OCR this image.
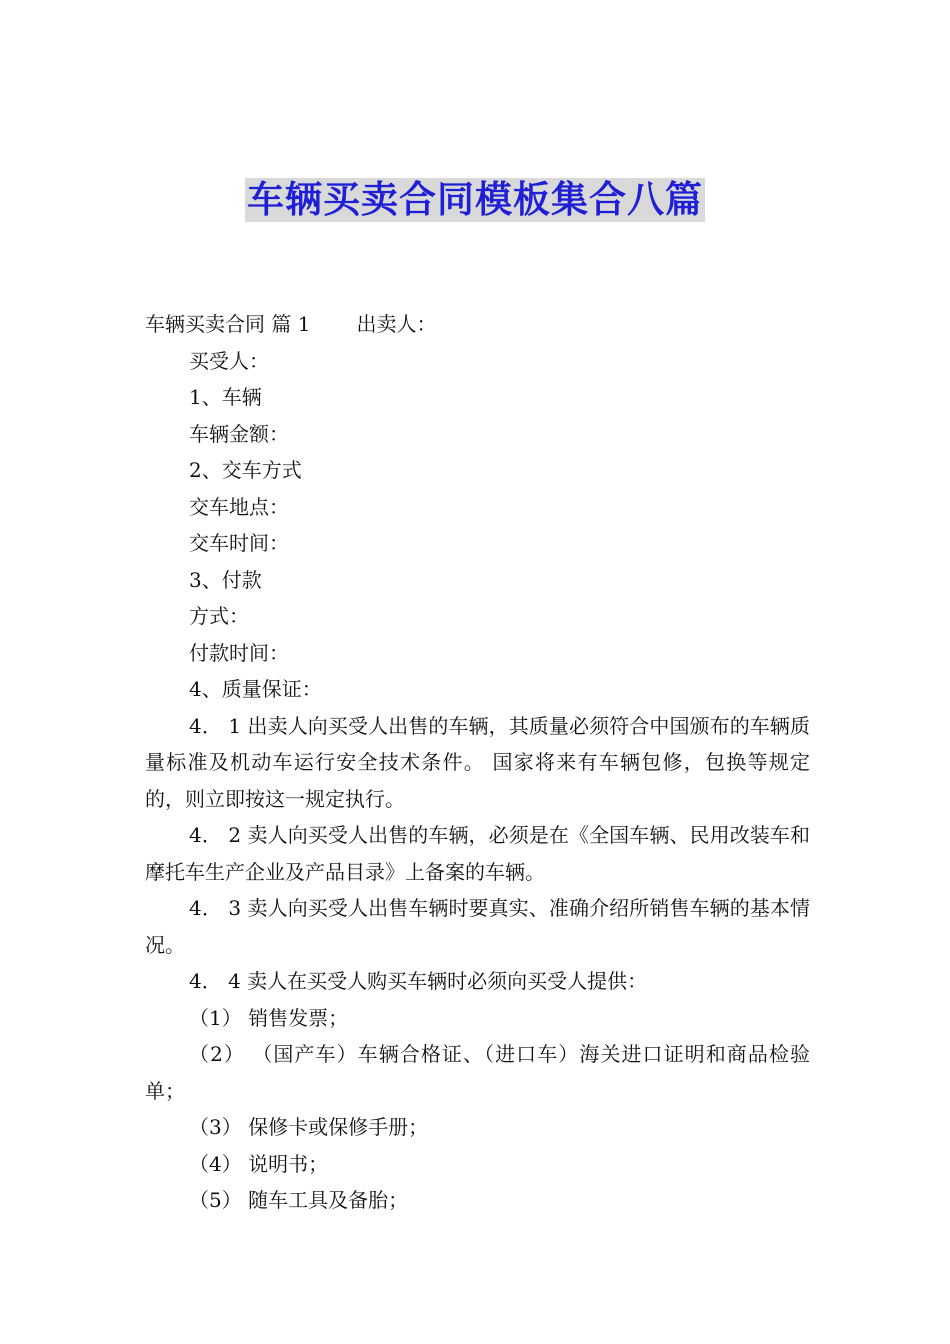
车辆买卖合同模板集合八篇
车辆买卖合同 篇 1 出卖人：
买受人：
1、车辆
车辆金额：
2、交车方式
交车地点：
交车时间：
3、付款
方式：
付款时间：
4、质量保证：
4． 1 出卖人向买受人出售的车辆，其质量必须符合中国颁布的车辆质量标准及机动车运行安全技术条件。 国家将来有车辆包修，包换等规定的，则立即按这一规定执行。
4． 2 卖人向买受人出售的车辆，必须是在《全国车辆、民用改装车和摩托车生产企业及产品目录》上备案的车辆。
4． 3 卖人向买受人出售车辆时要真实、准确介绍所销售车辆的基本情况。
4． 4 卖人在买受人购买车辆时必须向买受人提供：
（1） 销售发票；
（2） （国产车）车辆合格证、（进口车）海关进口证明和商品检验单；
（3） 保修卡或保修手册；
（4） 说明书；
（5） 随车工具及备胎；
